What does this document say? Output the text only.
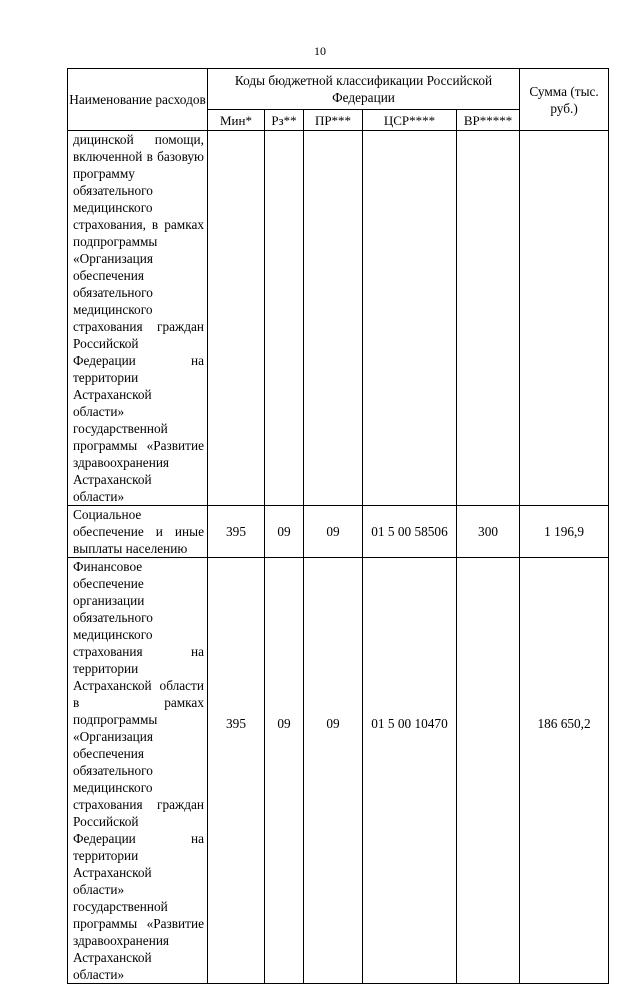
10
Наименование расходов	Коды бюджетной классификации Российской Федерации					Сумма (тыс. руб.)
	Мин*	Рз**	ПР***	ЦСР****	ВР*****	
дицинской помощи, включенной в базовую программу обязательного медицинского страхования, в рамках подпрограммы «Организация обеспечения обязательного медицинского страхования граждан Российской Федерации на территории Астраханской области» государственной программы «Развитие здравоохранения Астраханской области»						
Социальное обеспечение и иные выплаты населению	395	09	09	01 5 00 58506	300	1 196,9
Финансовое обеспечение организации обязательного медицинского страхования на территории Астраханской области в рамках подпрограммы «Организация обеспечения обязательного медицинского страхования граждан Российской Федерации на территории Астраханской области» государственной программы «Развитие здравоохранения Астраханской области»	395	09	09	01 5 00 10470		186 650,2
